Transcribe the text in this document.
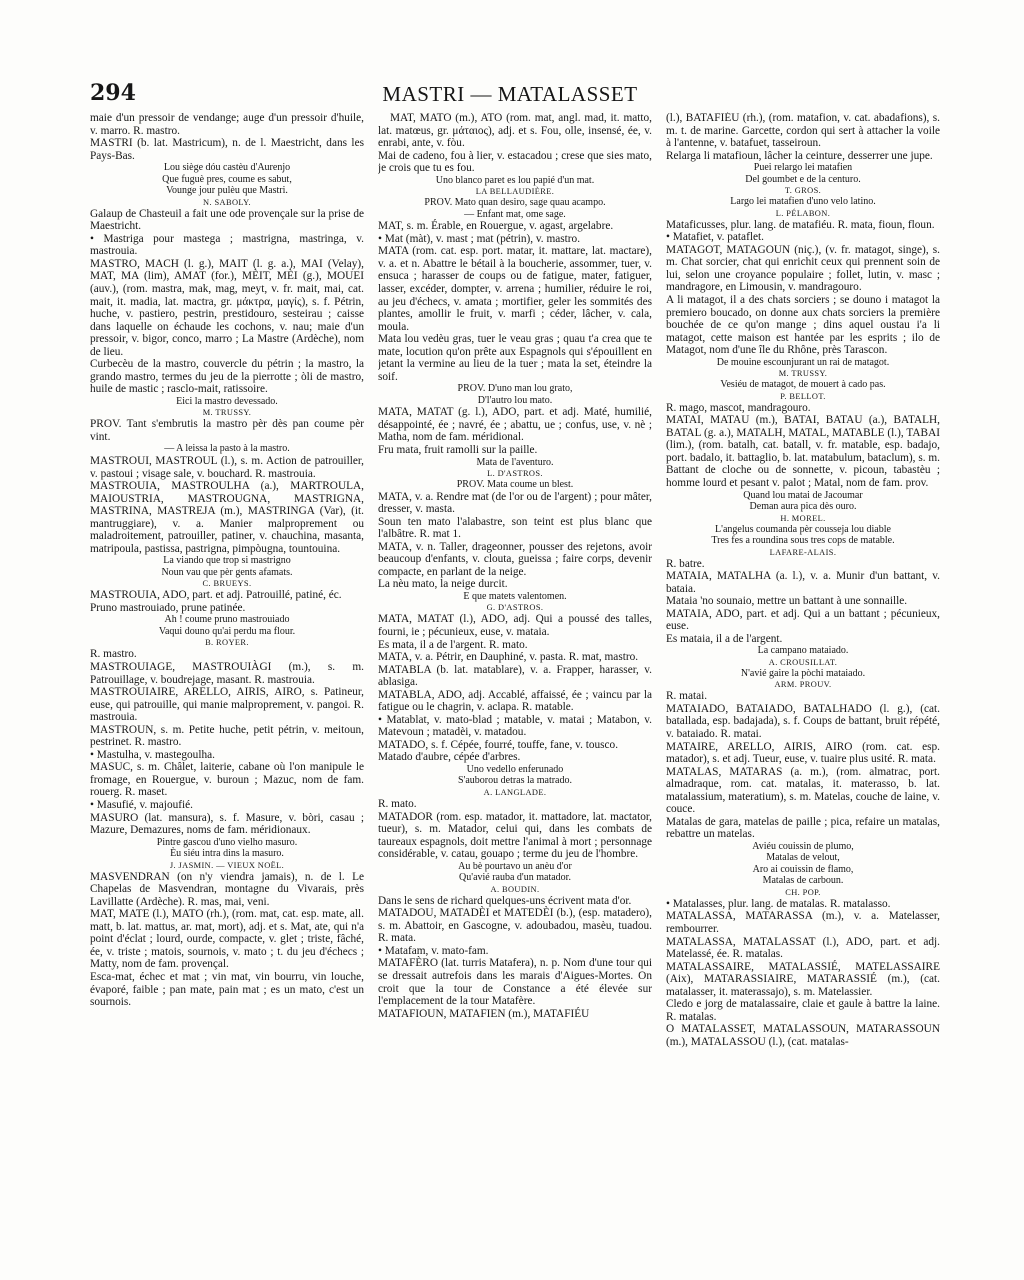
294	MASTRI — MATALASSET

maie d'un pressoir de vendange; auge d'un pressoir d'huile, v. marro. R. mastro.

MASTRI (b. lat. Mastricum), n. de l. Maestricht, dans les Pays-Bas.

Lou siège dóu castèu d'Aurenjo
Que fuguè pres, coume es sabut,
Vounge jour pulèu que Mastri.

N. SABOLY.

Galaup de Chasteuil a fait une ode provençale sur la prise de Maestricht.

• Mastriga pour mastega ; mastrigna, mastringa, v. mastrouia.

MASTRO, MACH (l. g.), MAIT (l. g. a.), MAI (Velay), MAT, MA (lim), AMAT (for.), MÈIT, MÈI (g.), MOUEI (auv.), (rom. mastra, mak, mag, meyt, v. fr. mait, mai, cat. mait, it. madia, lat. mactra, gr. μάκτρα, μαγίς), s. f. Pétrin, huche, v. pastiero, pestrin, prestidouro, sesteirau ; caisse dans laquelle on échaude les cochons, v. nau; maie d'un pressoir, v. bigor, conco, marro ; La Mastre (Ardèche), nom de lieu.

Curbecèu de la mastro, couvercle du pétrin ; la mastro, la grando mastro, termes du jeu de la pierrotte ; òli de mastro, huile de mastic ; rasclo-mait, ratissoire.

Eici la mastro devessado.

M. TRUSSY.

PROV. Tant s'embrutis la mastro pèr dès pan coume pèr vint.

— A leissa la pasto à la mastro.

MASTROUI, MASTROUL (l.), s. m. Action de patrouiller, v. pastoui ; visage sale, v. bouchard. R. mastrouia.

MASTROUIA, MASTROULHA (a.), MARTROULA, MAIOUSTRIA, MASTROUGNA, MASTRIGNA, MASTRINA, MASTREJA (m.), MASTRINGA (Var), (it. mantruggiare), v. a. Manier malproprement ou maladroitement, patrouiller, patiner, v. chauchina, masanta, matripoula, pastissa, pastrigna, pimpòugna, tountouina.

La viando que trop si mastrigno
Noun vau que pèr gents afamats.

C. BRUEYS.

MASTROUIA, ADO, part. et adj. Patrouillé, patiné, éc.

Pruno mastrouiado, prune patinée.

Ah ! coume pruno mastrouiado
Vaqui douno qu'ai perdu ma flour.

B. ROYER.

R. mastro.

MASTROUIAGE, MASTROUIÀGI (m.), s. m. Patrouillage, v. boudrejage, masant. R. mastrouia.

MASTROUIAIRE, ARELLO, AIRIS, AIRO, s. Patineur, euse, qui patrouille, qui manie malproprement, v. pangoi. R. mastrouia.

MASTROUN, s. m. Petite huche, petit pétrin, v. meitoun, pestrinet. R. mastro.

• Mastulha, v. mastegoulha.

MASUC, s. m. Châlet, laiterie, cabane où l'on manipule le fromage, en Rouergue, v. buroun ; Mazuc, nom de fam. rouerg. R. maset.

• Masufié, v. majoufié.

MASURO (lat. mansura), s. f. Masure, v. bòri, casau ; Mazure, Demazures, noms de fam. méridionaux.

Pintre gascou d'uno vielho masuro.
Èu siéu intra dins la masuro.

J. JASMIN. — VIEUX NOËL.

MASVENDRAN (on n'y viendra jamais), n. de l. Le Chapelas de Masvendran, montagne du Vivarais, près Lavillatte (Ardèche). R. mas, mai, veni.

MAT, MATE (l.), MATO (rh.), (rom. mat, cat. esp. mate, all. matt, b. lat. mattus, ar. mat, mort), adj. et s. Mat, ate, qui n'a point d'éclat ; lourd, ourde, compacte, v. glet ; triste, fâché, ée, v. triste ; matois, sournois, v. mato ; t. du jeu d'échecs ; Matty, nom de fam. provençal.

Esca-mat, échec et mat ; vin mat, vin bourru, vin louche, évaporé, faible ; pan mate, pain mat ; es un mato, c'est un sournois.

MAT, MATO (m.), ATO (rom. mat, angl. mad, it. matto, lat. matœus, gr. μάταιος), adj. et s. Fou, olle, insensé, ée, v. enrabi, ante, v. fòu.

Mai de cadeno, fou à lier, v. estacadou ; crese que sies mato, je crois que tu es fou.

Uno blanco paret es lou papié d'un mat.

LA BELLAUDIÈRE.

PROV. Mato quan desiro, sage quau acampo.
— Enfant mat, ome sage.

MAT, s. m. Érable, en Rouergue, v. agast, argelabre.

• Mat (màt), v. mast ; mat (pétrin), v. mastro.

MATA (rom. cat. esp. port. matar, it. mattare, lat. mactare), v. a. et n. Abattre le bétail à la boucherie, assommer, tuer, v. ensuca ; harasser de coups ou de fatigue, mater, fatiguer, lasser, excéder, dompter, v. arrena ; humilier, réduire le roi, au jeu d'échecs, v. amata ; mortifier, geler les sommités des plantes, amollir le fruit, v. marfi ; céder, lâcher, v. cala, moula.

Mata lou vedèu gras, tuer le veau gras ; quau t'a crea que te mate, locution qu'on prête aux Espagnols qui s'épouillent en jetant la vermine au lieu de la tuer ; mata la set, éteindre la soif.

PROV. D'uno man lou grato,
D'l'autro lou mato.

MATA, MATAT (g. l.), ADO, part. et adj. Maté, humilié, désappointé, ée ; navré, ée ; abattu, ue ; confus, use, v. nè ; Matha, nom de fam. méridional.

Fru mata, fruit ramolli sur la paille.

Mata de l'aventuro.

L. D'ASTROS.

PROV. Mata coume un blest.

MATA, v. a. Rendre mat (de l'or ou de l'argent) ; pour mâter, dresser, v. masta.

Soun ten mato l'alabastre, son teint est plus blanc que l'albâtre. R. mat 1.

MATA, v. n. Taller, drageonner, pousser des rejetons, avoir beaucoup d'enfants, v. clouta, gueissa ; faire corps, devenir compacte, en parlant de la neige.

La nèu mato, la neige durcit.

E que matets valentomen.

G. D'ASTROS.

MATA, MATAT (l.), ADO, adj. Qui a poussé des talles, fourni, ie ; pécunieux, euse, v. mataia.

Es mata, il a de l'argent. R. mato.

MATA, v. a. Pétrir, en Dauphiné, v. pasta. R. mat, mastro.

MATABLA (b. lat. matablare), v. a. Frapper, harasser, v. ablasiga.

MATABLA, ADO, adj. Accablé, affaissé, ée ; vaincu par la fatigue ou le chagrin, v. aclapa. R. matable.

• Matablat, v. mato-blad ; matable, v. matai ; Matabon, v. Matevoun ; matadèi, v. matadou.

MATADO, s. f. Cépée, fourré, touffe, fane, v. tousco.

Matado d'aubre, cépée d'arbres.

Uno vedello enferunado
S'auborou detras la matrado.

A. LANGLADE.

R. mato.

MATADOR (rom. esp. matador, it. mattadore, lat. mactator, tueur), s. m. Matador, celui qui, dans les combats de taureaux espagnols, doit mettre l'animal à mort ; personnage considérable, v. catau, gouapo ; terme du jeu de l'hombre.

Au bè pourtavo un anèu d'or
Qu'avié rauba d'un matador.

A. BOUDIN.

Dans le sens de richard quelques-uns écrivent mata d'or.

MATADOU, MATADÈI et MATEDÈI (b.), (esp. matadero), s. m. Abattoir, en Gascogne, v. adoubadou, masèu, tuadou. R. mata.

• Matafam, v. mato-fam.

MATAFÈRO (lat. turris Matafera), n. p. Nom d'une tour qui se dressait autrefois dans les marais d'Aigues-Mortes. On croit que la tour de Constance a été élevée sur l'emplacement de la tour Matafère.

MATAFIOUN, MATAFIEN (m.), MATAFIÉU

(l.), BATAFIÉU (rh.), (rom. matafion, v. cat. abadafions), s. m. t. de marine. Garcette, cordon qui sert à attacher la voile à l'antenne, v. batafuet, tasseiroun.

Relarga li matafioun, lâcher la ceinture, desserrer une jupe.

Puei relargo lei matafien
Del goumbet e de la centuro.

T. GROS.

Largo lei matafien d'uno velo latino.

L. PÉLABON.

Mataficusses, plur. lang. de matafiéu. R. mata, fioun, floun.

• Matafiet, v. pataflet.

MATAGOT, MATAGOUN (niç.), (v. fr. matagot, singe), s. m. Chat sorcier, chat qui enrichit ceux qui prennent soin de lui, selon une croyance populaire ; follet, lutin, v. masc ; mandragore, en Limousin, v. mandragouro.

A li matagot, il a des chats sorciers ; se douno i matagot la premiero boucado, on donne aux chats sorciers la première bouchée de ce qu'on mange ; dins aquel oustau i'a li matagot, cette maison est hantée par les esprits ; ilo de Matagot, nom d'une île du Rhône, près Tarascon.

De mouine escounjurant un rai de matagot.

M. TRUSSY.

Vesiéu de matagot, de mouert à cado pas.

P. BELLOT.

R. mago, mascot, mandragouro.

MATAI, MATAU (m.), BATAI, BATAU (a.), BATALH, BATAL (g. a.), MATALH, MATAL, MATABLE (l.), TABAI (lim.), (rom. batalh, cat. batall, v. fr. matable, esp. badajo, port. badalo, it. battaglio, b. lat. matabulum, bataclum), s. m. Battant de cloche ou de sonnette, v. picoun, tabastèu ; homme lourd et pesant v. palot ; Matal, nom de fam. prov.

Quand lou matai de Jacoumar
Deman aura pica dès ouro.

H. MOREL.

L'angelus coumanda pèr cousseja lou diable
Tres fes a roundina sous tres cops de matable.

LAFARE-ALAIS.

R. batre.

MATAIA, MATALHA (a. l.), v. a. Munir d'un battant, v. bataia.

Mataia 'no sounaio, mettre un battant à une sonnaille.

MATAIA, ADO, part. et adj. Qui a un battant ; pécunieux, euse.

Es mataia, il a de l'argent.

La campano mataiado.

A. CROUSILLAT.

N'avié gaire la pòchi mataiado.

ARM. PROUV.

R. matai.

MATAIADO, BATAIADO, BATALHADO (l. g.), (cat. batallada, esp. badajada), s. f. Coups de battant, bruit répété, v. bataiado. R. matai.

MATAIRE, ARELLO, AIRIS, AIRO (rom. cat. esp. matador), s. et adj. Tueur, euse, v. tuaire plus usité. R. mata.

MATALAS, MATARAS (a. m.), (rom. almatrac, port. almadraque, rom. cat. matalas, it. materasso, b. lat. matalassium, materatium), s. m. Matelas, couche de laine, v. couce.

Matalas de gara, matelas de paille ; pica, refaire un matalas, rebattre un matelas.

Aviéu couissin de plumo,
Matalas de velout,
Aro ai couissin de flamo,
Matalas de carboun.

CH. POP.

• Matalasses, plur. lang. de matalas. R. matalasso.

MATALASSA, MATARASSA (m.), v. a. Matelasser, rembourrer.

MATALASSA, MATALASSAT (l.), ADO, part. et adj. Matelassé, ée. R. matalas.

MATALASSAIRE, MATALASSIÉ, MATELASSAIRE (Aix), MATARASSIAIRE, MATARASSIÉ (m.), (cat. matalasser, it. materassajo), s. m. Matelassier.

Cledo e jorg de matalassaire, claie et gaule à battre la laine. R. matalas.

O MATALASSET, MATALASSOUN, MATARASSOUN (m.), MATALASSOU (l.), (cat. matalas-
